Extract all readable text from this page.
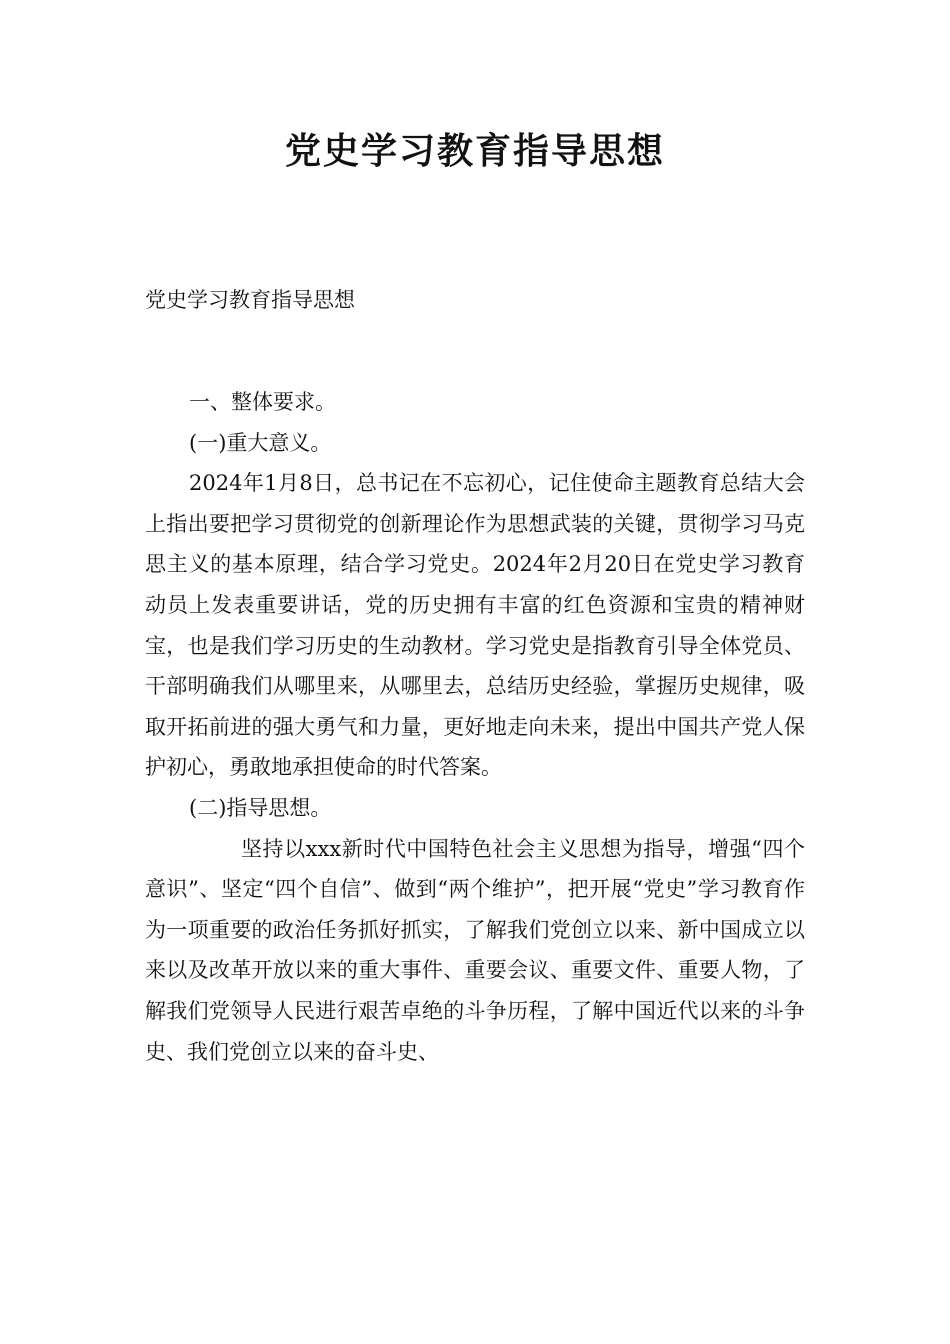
党史学习教育指导思想
党史学习教育指导思想

一、整体要求。

(一)重大意义。

2024年1月8日，总书记在不忘初心，记住使命主题教育总结大会上指出要把学习贯彻党的创新理论作为思想武装的关键，贯彻学习马克思主义的基本原理，结合学习党史。2024年2月20日在党史学习教育动员上发表重要讲话，党的历史拥有丰富的红色资源和宝贵的精神财宝，也是我们学习历史的生动教材。学习党史是指教育引导全体党员、干部明确我们从哪里来，从哪里去，总结历史经验，掌握历史规律，吸取开拓前进的强大勇气和力量，更好地走向未来，提出中国共产党人保护初心，勇敢地承担使命的时代答案。

(二)指导思想。

坚持以xxx新时代中国特色社会主义思想为指导，增强“四个意识”、坚定“四个自信”、做到“两个维护”，把开展“党史”学习教育作为一项重要的政治任务抓好抓实，了解我们党创立以来、新中国成立以来以及改革开放以来的重大事件、重要会议、重要文件、重要人物，了解我们党领导人民进行艰苦卓绝的斗争历程，了解中国近代以来的斗争史、我们党创立以来的奋斗史、
